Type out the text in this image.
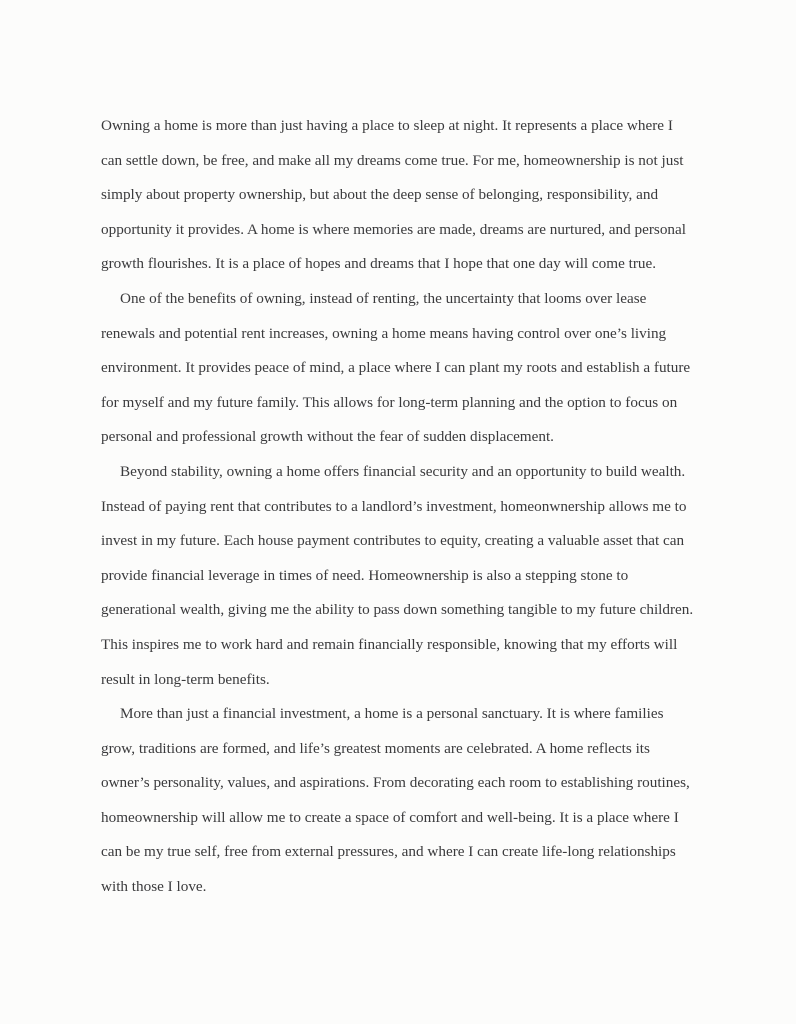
Owning a home is more than just having a place to sleep at night. It represents a place where I
can settle down, be free, and make all my dreams come true. For me, homeownership is not just
simply about property ownership, but about the deep sense of belonging, responsibility, and
opportunity it provides. A home is where memories are made, dreams are nurtured, and personal
growth flourishes. It is a place of hopes and dreams that I hope that one day will come true.
One of the benefits of owning, instead of renting, the uncertainty that looms over lease
renewals and potential rent increases, owning a home means having control over one’s living
environment. It provides peace of mind, a place where I can plant my roots and establish a future
for myself and my future family. This allows for long-term planning and the option to focus on
personal and professional growth without the fear of sudden displacement.
Beyond stability, owning a home offers financial security and an opportunity to build wealth.
Instead of paying rent that contributes to a landlord’s investment, homeonwnership allows me to
invest in my future. Each house payment contributes to equity, creating a valuable asset that can
provide financial leverage in times of need. Homeownership is also a stepping stone to
generational wealth, giving me the ability to pass down something tangible to my future children.
This inspires me to work hard and remain financially responsible, knowing that my efforts will
result in long-term benefits.
More than just a financial investment, a home is a personal sanctuary. It is where families
grow, traditions are formed, and life’s greatest moments are celebrated. A home reflects its
owner’s personality, values, and aspirations. From decorating each room to establishing routines,
homeownership will allow me to create a space of comfort and well-being. It is a place where I
can be my true self, free from external pressures, and where I can create life-long relationships
with those I love.
